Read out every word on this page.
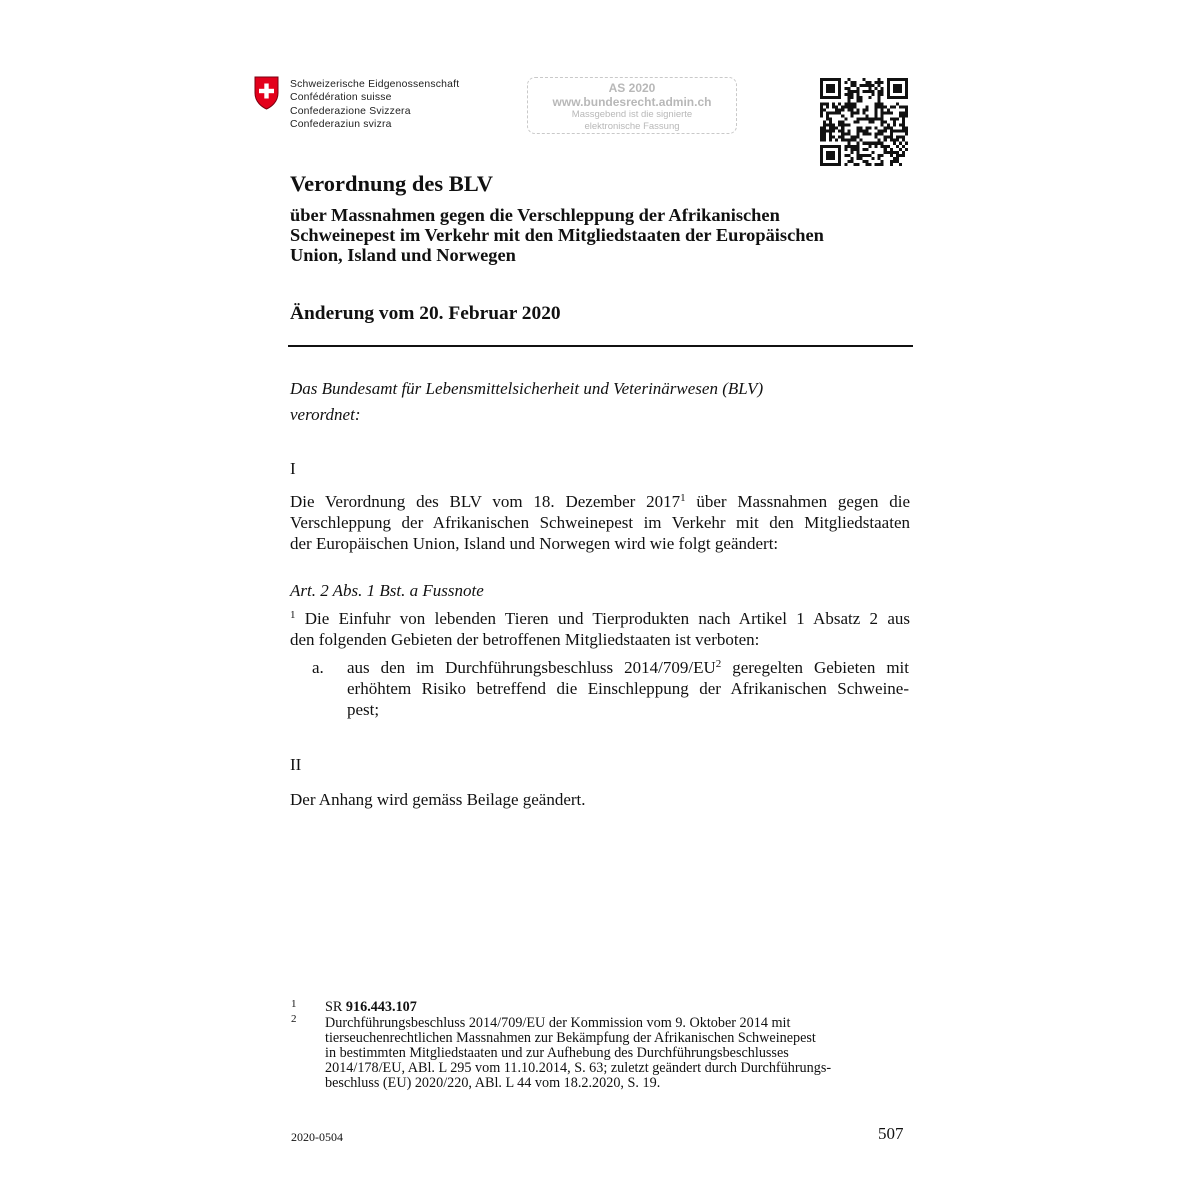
Schweizerische Eidgenossenschaft
Confédération suisse
Confederazione Svizzera
Confederaziun svizra
AS 2020
www.bundesrecht.admin.ch
Massgebend ist die signierte
elektronische Fassung
Verordnung des BLV
über Massnahmen gegen die Verschleppung der Afrikanischen
Schweinepest im Verkehr mit den Mitgliedstaaten der Europäischen
Union, Island und Norwegen
Änderung vom 20. Februar 2020
Das Bundesamt für Lebensmittelsicherheit und Veterinärwesen (BLV)
verordnet:
I
Die Verordnung des BLV vom 18. Dezember 2017$^1$ über Massnahmen gegen die
Verschleppung der Afrikanischen Schweinepest im Verkehr mit den Mitgliedstaaten
der Europäischen Union, Island und Norwegen wird wie folgt geändert:
Art. 2 Abs. 1 Bst. a Fussnote
$^1$ Die Einfuhr von lebenden Tieren und Tierprodukten nach Artikel 1 Absatz 2 aus
den folgenden Gebieten der betroffenen Mitgliedstaaten ist verboten:
a. aus den im Durchführungsbeschluss 2014/709/EU$^2$ geregelten Gebieten mit
erhöhtem Risiko betreffend die Einschleppung der Afrikanischen Schweine-
pest;
II
Der Anhang wird gemäss Beilage geändert.
1 SR 916.443.107
2 Durchführungsbeschluss 2014/709/EU der Kommission vom 9. Oktober 2014 mit
tierseuchenrechtlichen Massnahmen zur Bekämpfung der Afrikanischen Schweinepest
in bestimmten Mitgliedstaaten und zur Aufhebung des Durchführungsbeschlusses
2014/178/EU, ABl. L 295 vom 11.10.2014, S. 63; zuletzt geändert durch Durchführungs-
beschluss (EU) 2020/220, ABl. L 44 vom 18.2.2020, S. 19.
2020-0504	507
